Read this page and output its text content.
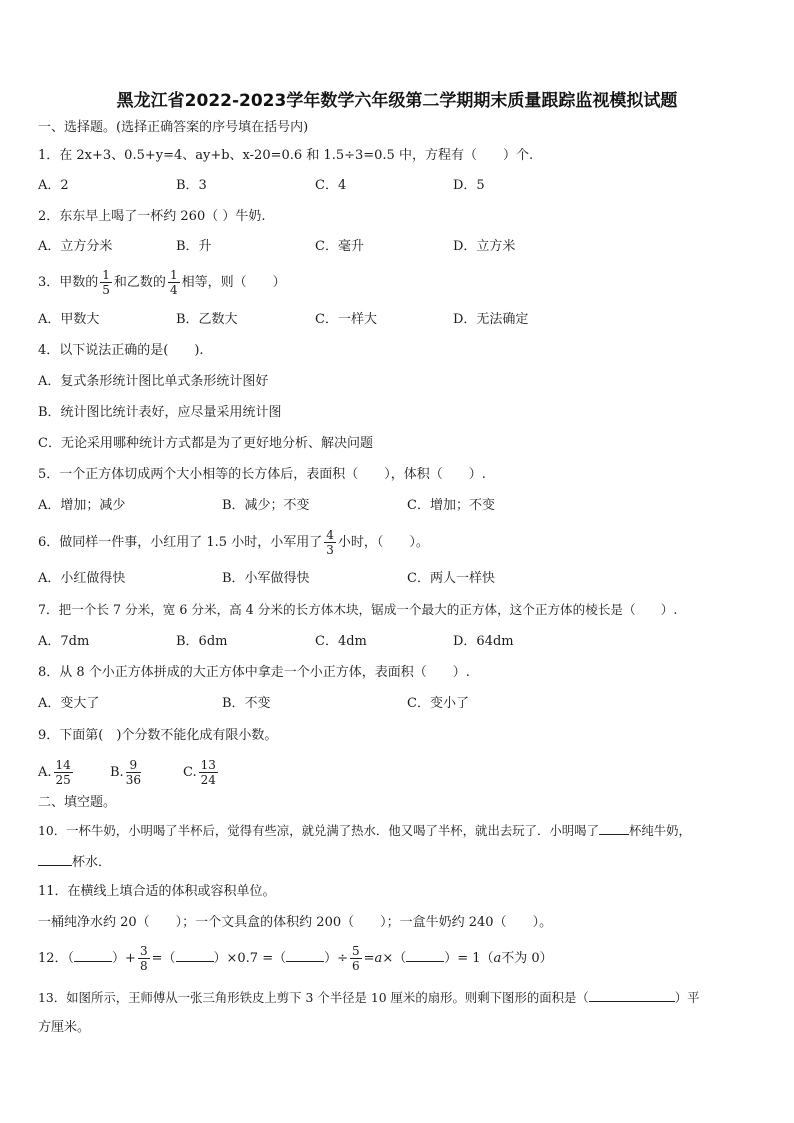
黑龙江省2022-2023学年数学六年级第二学期期末质量跟踪监视模拟试题
一、选择题。(选择正确答案的序号填在括号内)
1．在 2x+3、0.5+y=4、ay+b、x-20=0.6 和 1.5÷3=0.5 中，方程有（　　）个.
A．2	B．3	C．4	D．5
2．东东早上喝了一杯约 260（ ）牛奶.
A．立方分米	B．升	C．毫升	D．立方米
3．甲数的 $\frac{1}{5}$ 和乙数的 $\frac{1}{4}$ 相等，则（　　）
A．甲数大	B．乙数大	C．一样大	D．无法确定
4．以下说法正确的是(　　).
A．复式条形统计图比单式条形统计图好
B．统计图比统计表好，应尽量采用统计图
C．无论采用哪种统计方式都是为了更好地分析、解决问题
5．一个正方体切成两个大小相等的长方体后，表面积（　　），体积（　　）.
A．增加；减少	B．减少；不变	C．增加；不变
6．做同样一件事，小红用了 1.5 小时，小军用了 $\frac{4}{3}$ 小时，（　　）。
A．小红做得快	B．小军做得快	C．两人一样快
7．把一个长 7 分米，宽 6 分米，高 4 分米的长方体木块，锯成一个最大的正方体，这个正方体的棱长是（　　）.
A．7dm	B．6dm	C．4dm	D．64dm
8．从 8 个小正方体拼成的大正方体中拿走一个小正方体，表面积（　　）.
A．变大了	B．不变	C．变小了
9．下面第(　)个分数不能化成有限小数。
A. $\frac{14}{25}$	B. $\frac{9}{36}$	C. $\frac{13}{24}$
二、填空题。
10．一杯牛奶，小明喝了半杯后，觉得有些凉，就兑满了热水．他又喝了半杯，就出去玩了．小明喝了 杯纯牛奶，
杯水．
11．在横线上填合适的体积或容积单位。
一桶纯净水约 20（　　）；一个文具盒的体积约 200（　　）；一盒牛奶约 240（　　）。
12．（	）+ $\frac{3}{8}$ =（	）×0.7 =（	）÷ $\frac{5}{6} =a\times$（	）= 1（a不为 0）
13．如图所示，王师傅从一张三角形铁皮上剪下 3 个半径是 10 厘米的扇形。则剩下图形的面积是（	）平
方厘米。
